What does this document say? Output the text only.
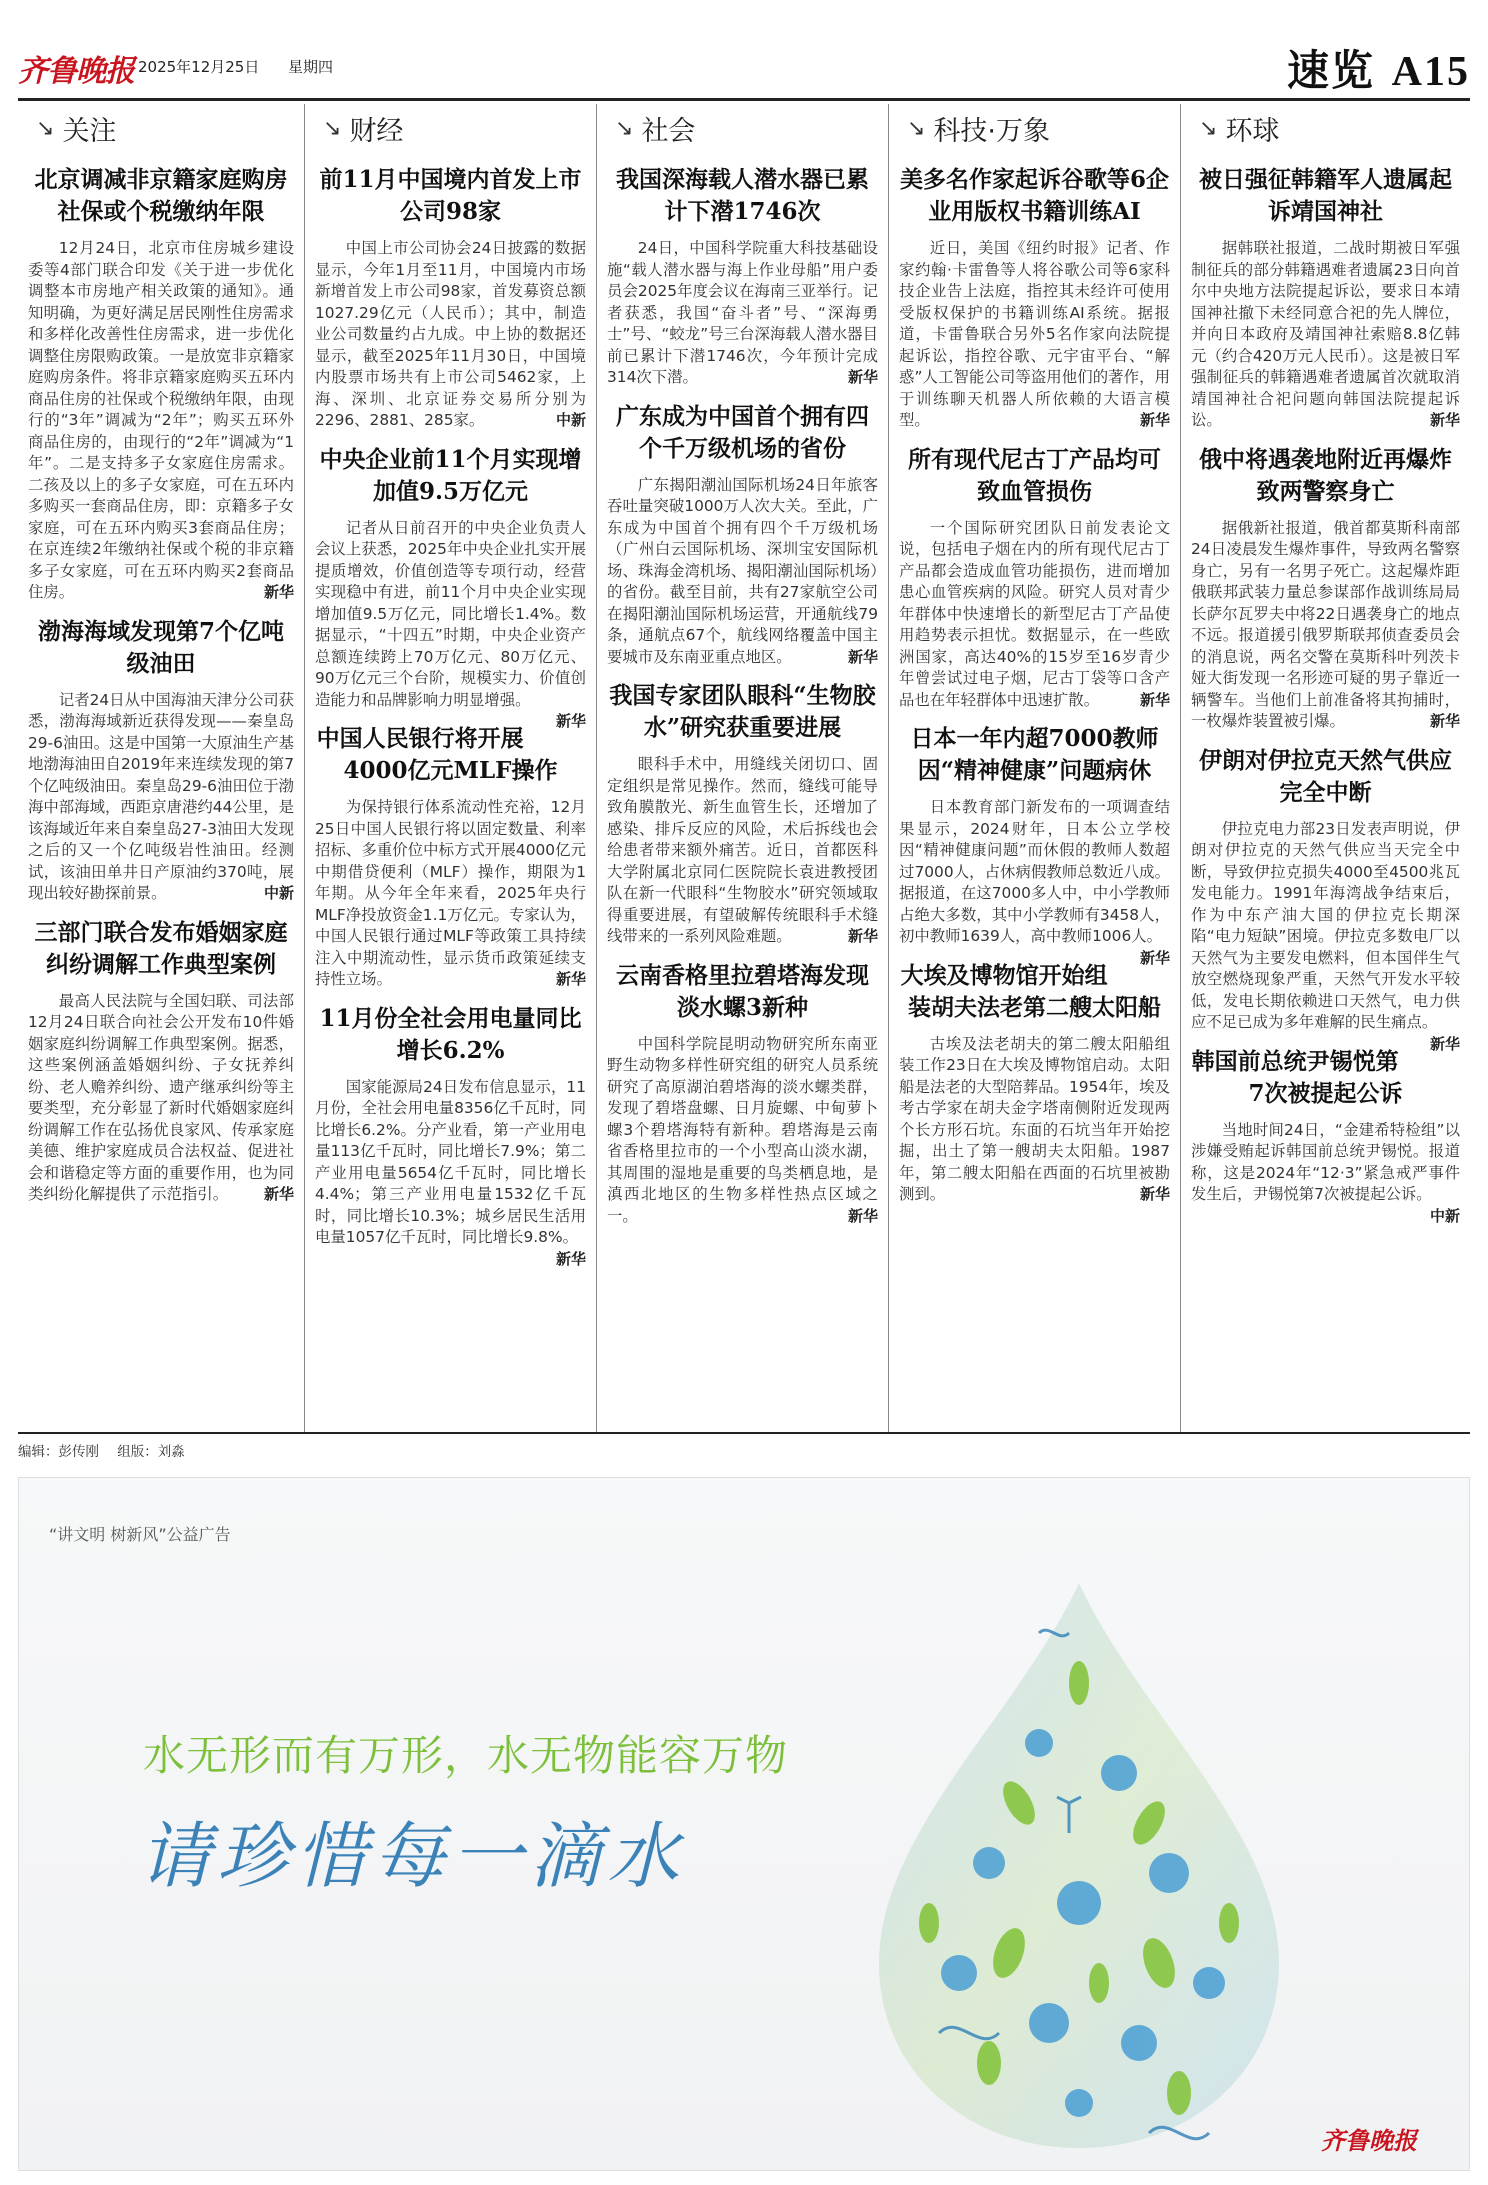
齐鲁晚报 2025年12月25日 星期四	速览 A15
↘ 关注
北京调减非京籍家庭购房社保或个税缴纳年限
12月24日，北京市住房城乡建设委等4部门联合印发《关于进一步优化调整本市房地产相关政策的通知》。通知明确，为更好满足居民刚性住房需求和多样化改善性住房需求，进一步优化调整住房限购政策。一是放宽非京籍家庭购房条件。将非京籍家庭购买五环内商品住房的社保或个税缴纳年限，由现行的“3年”调减为“2年”；购买五环外商品住房的，由现行的“2年”调减为“1年”。二是支持多子女家庭住房需求。二孩及以上的多子女家庭，可在五环内多购买一套商品住房，即：京籍多子女家庭，可在五环内购买3套商品住房；在京连续2年缴纳社保或个税的非京籍多子女家庭，可在五环内购买2套商品住房。	新华
渤海海域发现第7个亿吨级油田
记者24日从中国海油天津分公司获悉，渤海海域新近获得发现——秦皇岛29-6油田。这是中国第一大原油生产基地渤海油田自2019年来连续发现的第7个亿吨级油田。秦皇岛29-6油田位于渤海中部海域，西距京唐港约44公里，是该海域近年来自秦皇岛27-3油田大发现之后的又一个亿吨级岩性油田。经测试，该油田单井日产原油约370吨，展现出较好勘探前景。	中新
三部门联合发布婚姻家庭纠纷调解工作典型案例
最高人民法院与全国妇联、司法部12月24日联合向社会公开发布10件婚姻家庭纠纷调解工作典型案例。据悉，这些案例涵盖婚姻纠纷、子女抚养纠纷、老人赡养纠纷、遗产继承纠纷等主要类型，充分彰显了新时代婚姻家庭纠纷调解工作在弘扬优良家风、传承家庭美德、维护家庭成员合法权益、促进社会和谐稳定等方面的重要作用，也为同类纠纷化解提供了示范指引。	新华
↘ 财经
前11月中国境内首发上市公司98家
中国上市公司协会24日披露的数据显示，今年1月至11月，中国境内市场新增首发上市公司98家，首发募资总额1027.29亿元（人民币）；其中，制造业公司数量约占九成。中上协的数据还显示，截至2025年11月30日，中国境内股票市场共有上市公司5462家，上海、深圳、北京证券交易所分别为2296、2881、285家。	中新
中央企业前11个月实现增加值9.5万亿元
记者从日前召开的中央企业负责人会议上获悉，2025年中央企业扎实开展提质增效，价值创造等专项行动，经营实现稳中有进，前11个月中央企业实现增加值9.5万亿元，同比增长1.4%。数据显示，“十四五”时期，中央企业资产总额连续跨上70万亿元、80万亿元、90万亿元三个台阶，规模实力、价值创造能力和品牌影响力明显增强。
新华
中国人民银行将开展4000亿元MLF操作
为保持银行体系流动性充裕，12月25日中国人民银行将以固定数量、利率招标、多重价位中标方式开展4000亿元中期借贷便利（MLF）操作，期限为1年期。从今年全年来看，2025年央行MLF净投放资金1.1万亿元。专家认为，中国人民银行通过MLF等政策工具持续注入中期流动性，显示货币政策延续支持性立场。	新华
11月份全社会用电量同比增长6.2%
国家能源局24日发布信息显示，11月份，全社会用电量8356亿千瓦时，同比增长6.2%。分产业看，第一产业用电量113亿千瓦时，同比增长7.9%；第二产业用电量5654亿千瓦时，同比增长4.4%；第三产业用电量1532亿千瓦时，同比增长10.3%；城乡居民生活用电量1057亿千瓦时，同比增长9.8%。
新华
↘ 社会
我国深海载人潜水器已累计下潜1746次
24日，中国科学院重大科技基础设施“载人潜水器与海上作业母船”用户委员会2025年度会议在海南三亚举行。记者获悉，我国“奋斗者”号、“深海勇士”号、“蛟龙”号三台深海载人潜水器目前已累计下潜1746次，今年预计完成314次下潜。	新华
广东成为中国首个拥有四个千万级机场的省份
广东揭阳潮汕国际机场24日年旅客吞吐量突破1000万人次大关。至此，广东成为中国首个拥有四个千万级机场（广州白云国际机场、深圳宝安国际机场、珠海金湾机场、揭阳潮汕国际机场）的省份。截至目前，共有27家航空公司在揭阳潮汕国际机场运营，开通航线79条，通航点67个，航线网络覆盖中国主要城市及东南亚重点地区。	新华
我国专家团队眼科“生物胶水”研究获重要进展
眼科手术中，用缝线关闭切口、固定组织是常见操作。然而，缝线可能导致角膜散光、新生血管生长，还增加了感染、排斥反应的风险，术后拆线也会给患者带来额外痛苦。近日，首都医科大学附属北京同仁医院院长袁进教授团队在新一代眼科“生物胶水”研究领域取得重要进展，有望破解传统眼科手术缝线带来的一系列风险难题。	新华
云南香格里拉碧塔海发现淡水螺3新种
中国科学院昆明动物研究所东南亚野生动物多样性研究组的研究人员系统研究了高原湖泊碧塔海的淡水螺类群，发现了碧塔盘螺、日月旋螺、中甸萝卜螺3个碧塔海特有新种。碧塔海是云南省香格里拉市的一个小型高山淡水湖，其周围的湿地是重要的鸟类栖息地，是滇西北地区的生物多样性热点区域之一。	新华
↘ 科技·万象
美多名作家起诉谷歌等6企业用版权书籍训练AI
近日，美国《纽约时报》记者、作家约翰·卡雷鲁等人将谷歌公司等6家科技企业告上法庭，指控其未经许可使用受版权保护的书籍训练AI系统。据报道，卡雷鲁联合另外5名作家向法院提起诉讼，指控谷歌、元宇宙平台、“解惑”人工智能公司等盗用他们的著作，用于训练聊天机器人所依赖的大语言模型。	新华
所有现代尼古丁产品均可致血管损伤
一个国际研究团队日前发表论文说，包括电子烟在内的所有现代尼古丁产品都会造成血管功能损伤，进而增加患心血管疾病的风险。研究人员对青少年群体中快速增长的新型尼古丁产品使用趋势表示担忧。数据显示，在一些欧洲国家，高达40%的15岁至16岁青少年曾尝试过电子烟，尼古丁袋等口含产品也在年轻群体中迅速扩散。	新华
日本一年内超7000教师因“精神健康”问题病休
日本教育部门新发布的一项调查结果显示，2024财年，日本公立学校因“精神健康问题”而休假的教师人数超过7000人，占休病假教师总数近八成。据报道，在这7000多人中，中小学教师占绝大多数，其中小学教师有3458人，初中教师1639人，高中教师1006人。
新华
大埃及博物馆开始组装胡夫法老第二艘太阳船
古埃及法老胡夫的第二艘太阳船组装工作23日在大埃及博物馆启动。太阳船是法老的大型陪葬品。1954年，埃及考古学家在胡夫金字塔南侧附近发现两个长方形石坑。东面的石坑当年开始挖掘，出土了第一艘胡夫太阳船。1987年，第二艘太阳船在西面的石坑里被勘测到。	新华
↘ 环球
被日强征韩籍军人遗属起诉靖国神社
据韩联社报道，二战时期被日军强制征兵的部分韩籍遇难者遗属23日向首尔中央地方法院提起诉讼，要求日本靖国神社撤下未经同意合祀的先人牌位，并向日本政府及靖国神社索赔8.8亿韩元（约合420万元人民币）。这是被日军强制征兵的韩籍遇难者遗属首次就取消靖国神社合祀问题向韩国法院提起诉讼。	新华
俄中将遇袭地附近再爆炸致两警察身亡
据俄新社报道，俄首都莫斯科南部24日凌晨发生爆炸事件，导致两名警察身亡，另有一名男子死亡。这起爆炸距俄联邦武装力量总参谋部作战训练局局长萨尔瓦罗夫中将22日遇袭身亡的地点不远。报道援引俄罗斯联邦侦查委员会的消息说，两名交警在莫斯科叶列茨卡娅大街发现一名形迹可疑的男子靠近一辆警车。当他们上前准备将其拘捕时，一枚爆炸装置被引爆。	新华
伊朗对伊拉克天然气供应完全中断
伊拉克电力部23日发表声明说，伊朗对伊拉克的天然气供应当天完全中断，导致伊拉克损失4000至4500兆瓦发电能力。1991年海湾战争结束后，作为中东产油大国的伊拉克长期深陷“电力短缺”困境。伊拉克多数电厂以天然气为主要发电燃料，但本国伴生气放空燃烧现象严重，天然气开发水平较低，发电长期依赖进口天然气，电力供应不足已成为多年难解的民生痛点。
新华
韩国前总统尹锡悦第7次被提起公诉
当地时间24日，“金建希特检组”以涉嫌受贿起诉韩国前总统尹锡悦。报道称，这是2024年“12·3”紧急戒严事件发生后，尹锡悦第7次被提起公诉。
中新
编辑：彭传刚 组版：刘淼
“讲文明 树新风”公益广告
水无形而有万形，水无物能容万物
请珍惜每一滴水
齐鲁晚报
